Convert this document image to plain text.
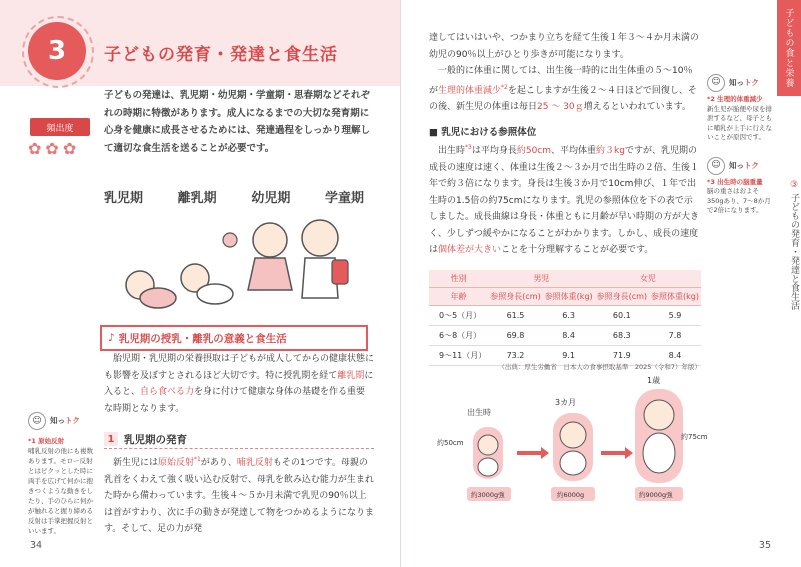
3	子どもの発育・発達と食生活
子どもの発達は、乳児期・幼児期・学童期・思春期などそれぞれの時期に特徴があります。成人になるまでの大切な発育期に心身を健康に成長させるためには、発達過程をしっかり理解して適切な食生活を送ることが必要です。
頻出度
✿ ✿ ✿
乳児期	離乳期	幼児期	学童期
♪ 乳児期の授乳・離乳の意義と食生活
胎児期・乳児期の栄養摂取は子どもが成人してからの健康状態にも影響を及ぼすとされるほど大切です。特に授乳期を経て離乳期に入ると、自ら食べる力を身に付けて健康な身体の基礎を作る重要な時期となります。
1 乳児期の発育
新生児には原始反射$^{*1}$があり、哺乳反射もその1つです。母親の乳首をくわえて強く吸い込む反射で、母乳を飲み込む能力が生まれた時から備わっています。生後４～５か月未満で乳児の90％以上は首がすわり、次に手の動きが発達して物をつかめるようになります。そして、足の力が発
☺	知っトク
*1 原始反射
哺乳反射の他にも複数あります。モロー反射とはビクッとした時に両手を広げて何かに抱きつくような動きをしたり、手のひらに何かが触れると握り締める反射は手掌把握反射といいます。
34
達してはいはいや、つかまり立ちを経て生後１年３～４か月未満の幼児の90％以上がひとり歩きが可能になります。
一般的に体重に関しては、出生後一時的に出生体重の５～10％が生理的体重減少$^{*2}$を起こしますが生後２～４日ほどで回復し、その後、新生児の体重は毎日25 ～ 30ｇ増えるといわれています。
■ 乳児における参照体位
出生時$^{*3}$は平均身長約50cm、平均体重約３kgですが、乳児期の成長の速度は速く、体重は生後２～３か月で出生時の２倍、生後１年で約３倍になります。身長は生後３か月で10cm伸び、１年で出生時の1.5倍の約75cmになります。乳児の参照体位を下の表で示しました。成長曲線は身長・体重ともに月齢が早い時期の方が大きく、少しずつ緩やかになることがわかります。しかし、成長の速度は個体差が大きいことを十分理解することが必要です。
性別	男児		女児	
年齢	参照身長(cm)	参照体重(kg)	参照身長(cm)	参照体重(kg)
0～5（月）	61.5	6.3	60.1	5.9
6～8（月）	69.8	8.4	68.3	7.8
9～11（月）	73.2	9.1	71.9	8.4
（出典：厚生労働省　日本人の食事摂取基準　2025（令和7）年版）
出生時
約50cm
約3000g強
3カ月
約6000g
1歳
約75cm
約9000g強
子どもの食と栄養
③ 子どもの発育・発達と食生活
☺	知っトク
*2 生理的体重減少
新生児が胎便や尿を排泄するなど、母子ともに哺乳が上手に行えないことが原因です。
☺	知っトク
*3 出生時の脳重量
脳の重さはおよそ350gあり、7～8か月で2倍になります。
35
